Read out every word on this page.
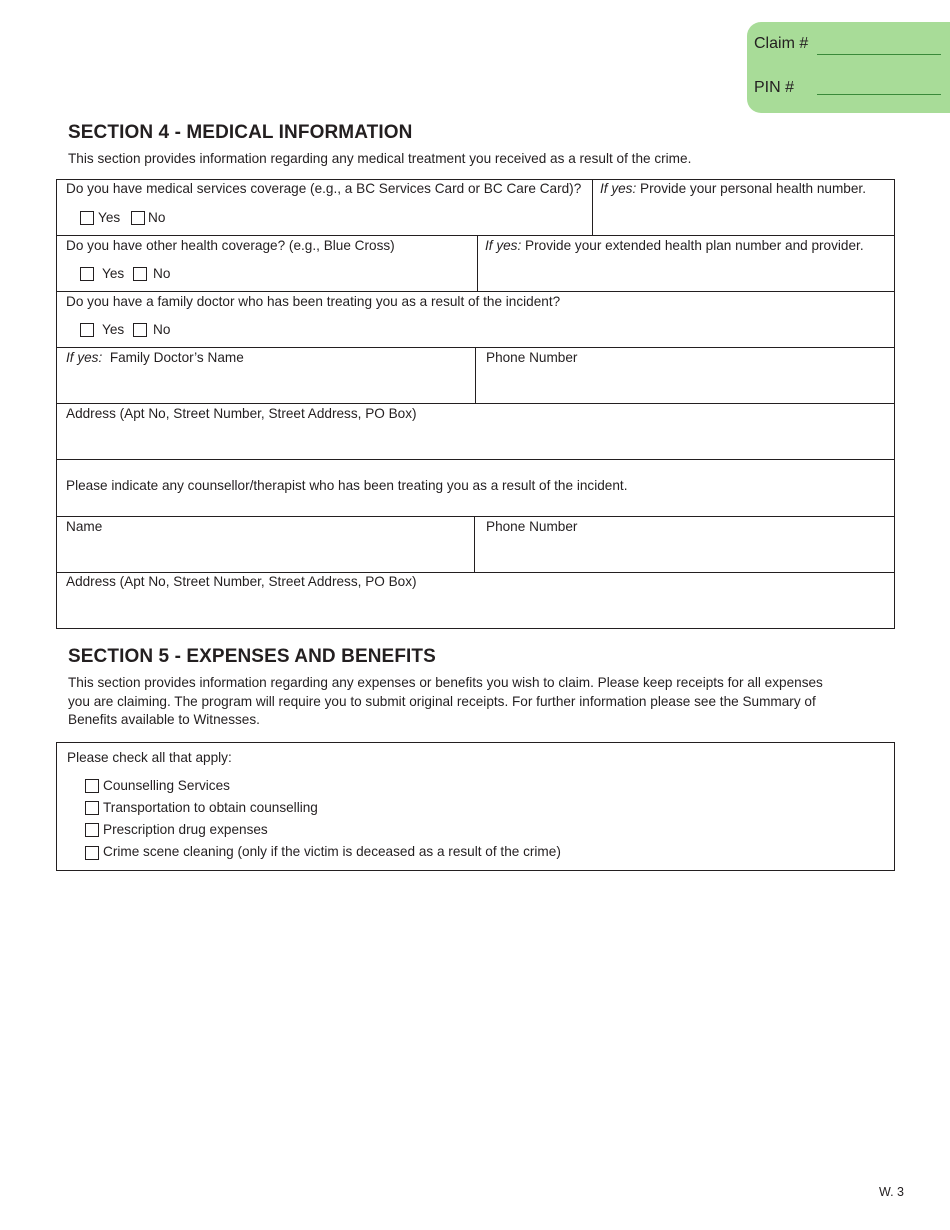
Claim #
PIN #
SECTION 4 - MEDICAL INFORMATION
This section provides information regarding any medical treatment you received as a result of the crime.
Do you have medical services coverage (e.g., a BC Services Card or BC Care Card)?
Yes No
If yes: Provide your personal health number.
Do you have other health coverage? (e.g., Blue Cross)
Yes No
If yes: Provide your extended health plan number and provider.
Do you have a family doctor who has been treating you as a result of the incident?
Yes No
If yes:  Family Doctor’s Name	Phone Number
Address (Apt No, Street Number, Street Address, PO Box)
Please indicate any counsellor/therapist who has been treating you as a result of the incident.
Name	Phone Number
Address (Apt No, Street Number, Street Address, PO Box)
SECTION 5 - EXPENSES AND BENEFITS
This section provides information regarding any expenses or benefits you wish to claim. Please keep receipts for all expenses
you are claiming. The program will require you to submit original receipts. For further information please see the Summary of
Benefits available to Witnesses.
Please check all that apply:
Counselling Services
Transportation to obtain counselling
Prescription drug expenses
Crime scene cleaning (only if the victim is deceased as a result of the crime)
W. 3
